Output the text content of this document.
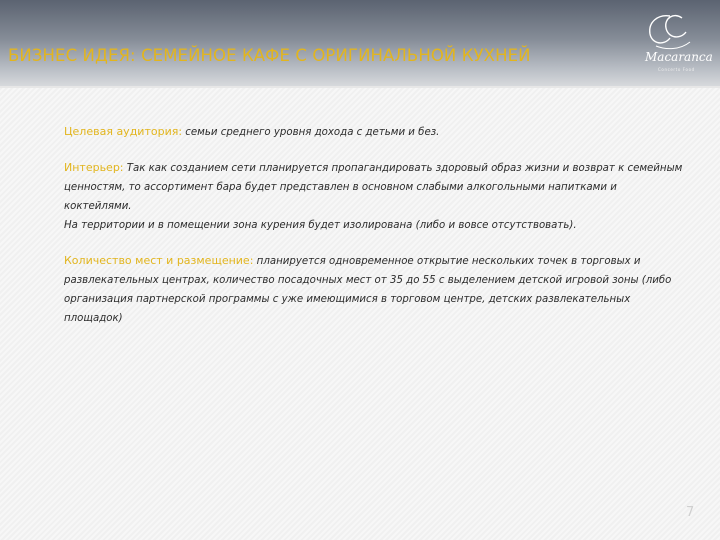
БИЗНЕС ИДЕЯ: СЕМЕЙНОЕ КАФЕ С ОРИГИНАЛЬНОЙ КУХНЕЙ	Macaranca
Concerto Food

Целевая аудитория: семьи среднего уровня дохода с детьми и без.

Интерьер: Так как созданием сети планируется пропагандировать здоровый образ жизни и возврат к семейным ценностям, то ассортимент бара будет представлен в основном слабыми алкогольными напитками и коктейлями.

На территории и в помещении зона курения будет изолирована (либо и вовсе отсутствовать).

Количество мест и размещение: планируется одновременное открытие нескольких точек в торговых и развлекательных центрах, количество посадочных мест от 35 до 55 с выделением детской игровой зоны (либо организация партнерской программы с уже имеющимися в торговом центре, детских развлекательных площадок)

7
